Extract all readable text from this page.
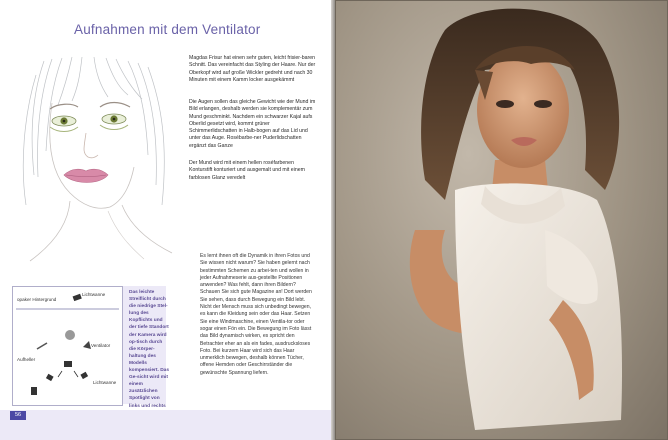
Aufnahmen mit dem Ventilator
Magdas Frisur hat einen sehr guten, leicht frisier-baren Schnitt. Das vereinfacht das Styling der Haare. Nur der Oberkopf wird auf große Wickler gedreht und nach 30 Minuten mit einem Kamm locker ausgekämmt
Die Augen sollen das gleiche Gewicht wie der Mund im Bild erlangen, deshalb werden sie komplementär zum Mund geschminkt. Nachdem ein schwarzer Kajal aufs Oberlid gesetzt wird, kommt grüner Schimmerlidschatten in Halb-bogen auf das Lid und unter das Auge. Rosébarbe-ner Puderlidschatten ergänzt das Ganze
Der Mund wird mit einem hellen roséfarbenen Konturstift konturiert und ausgemalt und mit einem farblosen Glanz veredelt
Es lernt ihnen oft die Dynamik in ihren Fotos und Sie wissen nicht warum? Sie haben gelernt nach bestimmten Schemen zu arbei-ten und wollen in jeder Aufnahmeserie aus-gestellte Positionen anwenden? Was fehlt, dann ihren Bildern? Schauen Sie sich gute Magazine an! Dort werden Sie sehen, dass durch Bewegung ein Bild lebt. Nicht der Mensch muss sich unbedingt bewegen, es kann die Kleidung sein oder das Haar. Setzen Sie eine Windmaschine, einen Ventila-tor oder sogar einen Fön ein. Die Bewegung im Foto lässt das Bild dynamisch wirken, es spricht den Betrachter eher an als ein fades, ausdrucksloses Foto. Bei kurzem Haar wird sich das Haar unmerklich bewegen, deshalb können Tücher, offene Hemden oder Geschirrständer die gewünschte Spannung liefern.
Das leichte Streiflicht durch die niedrige Stel-lung des Kopflichts und der tiefe Standort der Kamera wird op-tisch durch die Körper-haltung des Modells kompensiert. Das Ge-sicht wird mit einem zusätzlichen Spotlight von links und rechts
opaker Hintergrund
Lichtwanne
Ventilator
Aufheller
Lichtwanne
56
